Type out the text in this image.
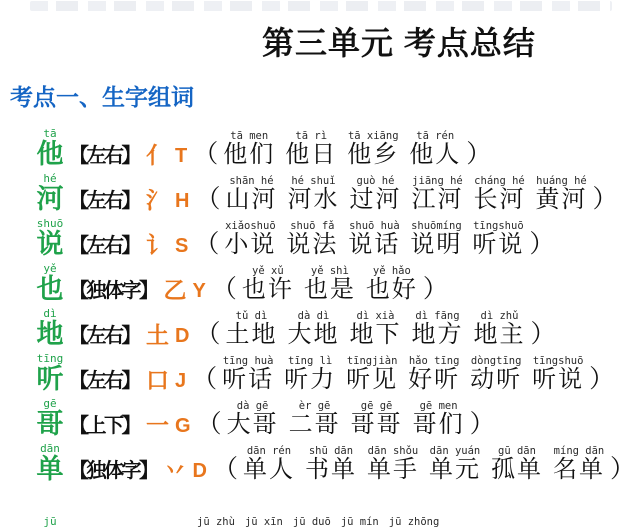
第三单元 考点总结
考点一、生字组词
tā
他 【左右】 亻 T （
tā men
他们
tā rì
他日
tā xiāng
他乡
tā rén
他人 ）
hé
河 【左右】 氵 H （
shān hé
山河
hé shuǐ
河水
guò hé
过河
jiāng hé
江河
cháng hé
长河
huáng hé
黄河 ）
shuō
说 【左右】 讠 S （
xiǎoshuō
小说
shuō fǎ
说法
shuō huà
说话
shuōmíng
说明
tīngshuō
听说 ）
yě
也 【独体字】 乙 Y （
yě xǔ
也许
yě shì
也是
yě hǎo
也好 ）
dì
地 【左右】 土 D （
tǔ dì
土地
dà dì
大地
dì xià
地下
dì fāng
地方
dì zhǔ
地主 ）
tīng
听 【左右】 口 J （
tīng huà
听话
tīng lì
听力
tīngjiàn
听见
hǎo tīng
好听
dòngtīng
动听
tīngshuō
听说 ）
gē
哥 【上下】 一 G （
dà gē
大哥
èr gē
二哥
gē gē
哥哥
gē men
哥们 ）
dān
单 【独体字】 丷 D （
dān rén
单人
shū dān
书单
dān shǒu
单手
dān yuán
单元
gū dān
孤单
míng dān
名单 ）
jū	jū zhù jū xīn jū duō jū mín jū zhōng
